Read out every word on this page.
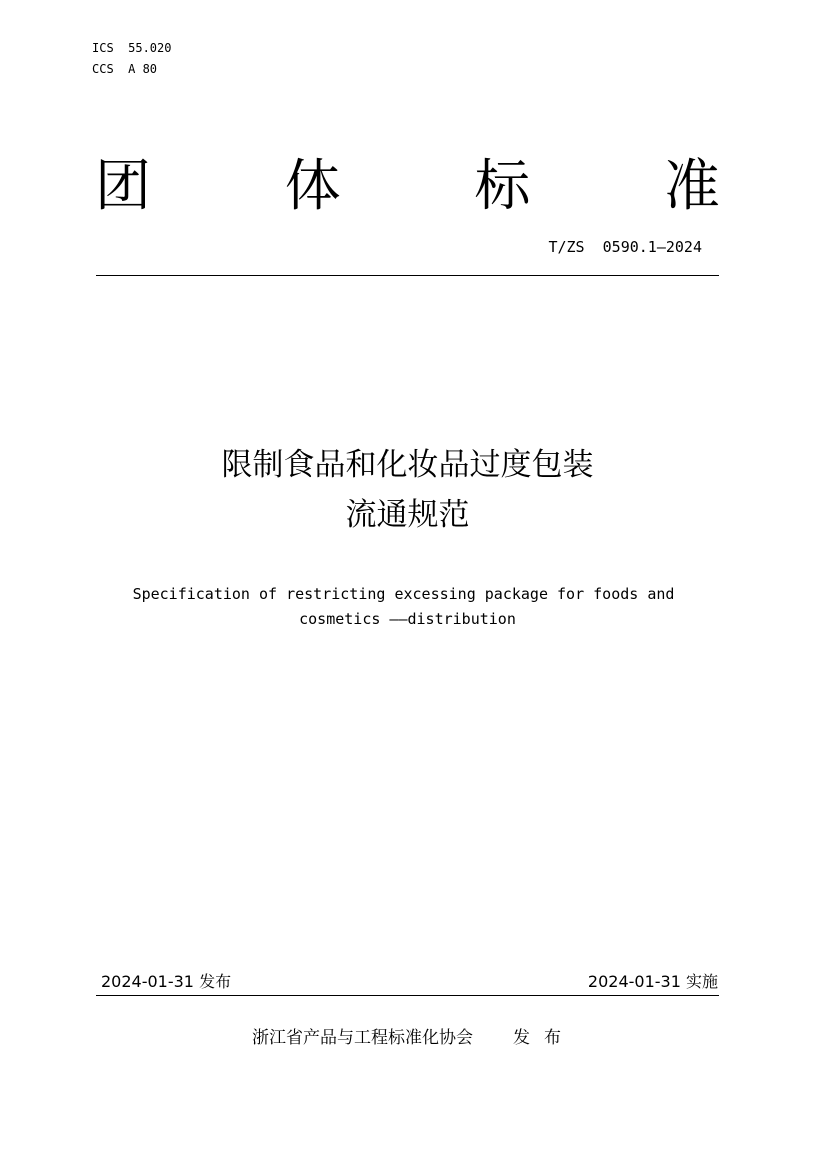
ICS  55.020
CCS  A 80
团 体 标 准
T/ZS  0590.1—2024
限制食品和化妆品过度包装
流通规范
Specification of restricting excessing package for foods and
cosmetics ——distribution
2024-01-31 发布	2024-01-31 实施
浙江省产品与工程标准化协会 发布
